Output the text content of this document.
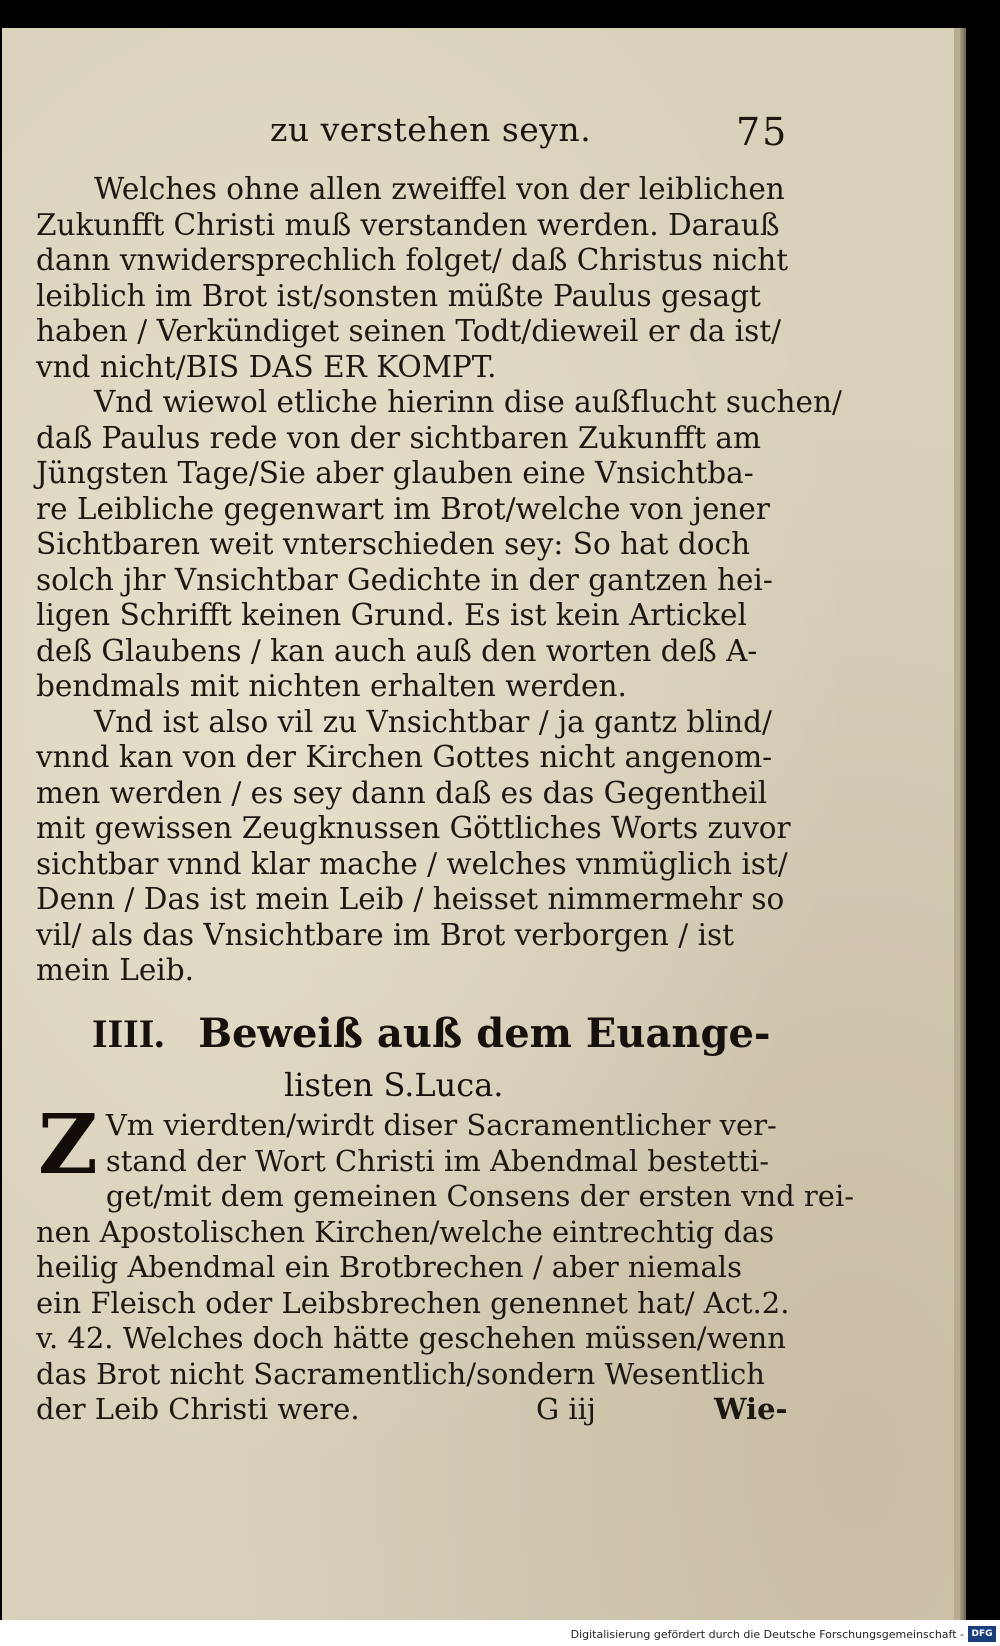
zu verstehen seyn.	75
Welches ohne allen zweiffel von der leiblichen
Zukunfft Christi muß verstanden werden. Darauß
dann vnwidersprechlich folget/ daß Christus nicht
leiblich im Brot ist/sonsten müßte Paulus gesagt
haben / Verkündiget seinen Todt/dieweil er da ist/
vnd nicht/BIS DAS ER KOMPT.
Vnd wiewol etliche hierinn dise außflucht suchen/
daß Paulus rede von der sichtbaren Zukunfft am
Jüngsten Tage/Sie aber glauben eine Vnsichtba-
re Leibliche gegenwart im Brot/welche von jener
Sichtbaren weit vnterschieden sey: So hat doch
solch jhr Vnsichtbar Gedichte in der gantzen hei-
ligen Schrifft keinen Grund. Es ist kein Artickel
deß Glaubens / kan auch auß den worten deß A-
bendmals mit nichten erhalten werden.
Vnd ist also vil zu Vnsichtbar / ja gantz blind/
vnnd kan von der Kirchen Gottes nicht angenom-
men werden / es sey dann daß es das Gegentheil
mit gewissen Zeugknussen Göttliches Worts zuvor
sichtbar vnnd klar mache / welches vnmüglich ist/
Denn / Das ist mein Leib / heisset nimmermehr so
vil/ als das Vnsichtbare im Brot verborgen / ist
mein Leib.
IIII. Beweiß auß dem Euange-
listen S.Luca.
Z Vm vierdten/wirdt diser Sacramentlicher ver-
stand der Wort Christi im Abendmal bestetti-
get/mit dem gemeinen Consens der ersten vnd rei-
nen Apostolischen Kirchen/welche eintrechtig das
heilig Abendmal ein Brotbrechen / aber niemals
ein Fleisch oder Leibsbrechen genennet hat/ Act.2.
v. 42. Welches doch hätte geschehen müssen/wenn
das Brot nicht Sacramentlich/sondern Wesentlich
der Leib Christi were.	G iij	Wie-
Digitalisierung gefördert durch die Deutsche Forschungsgemeinschaft - DFG
